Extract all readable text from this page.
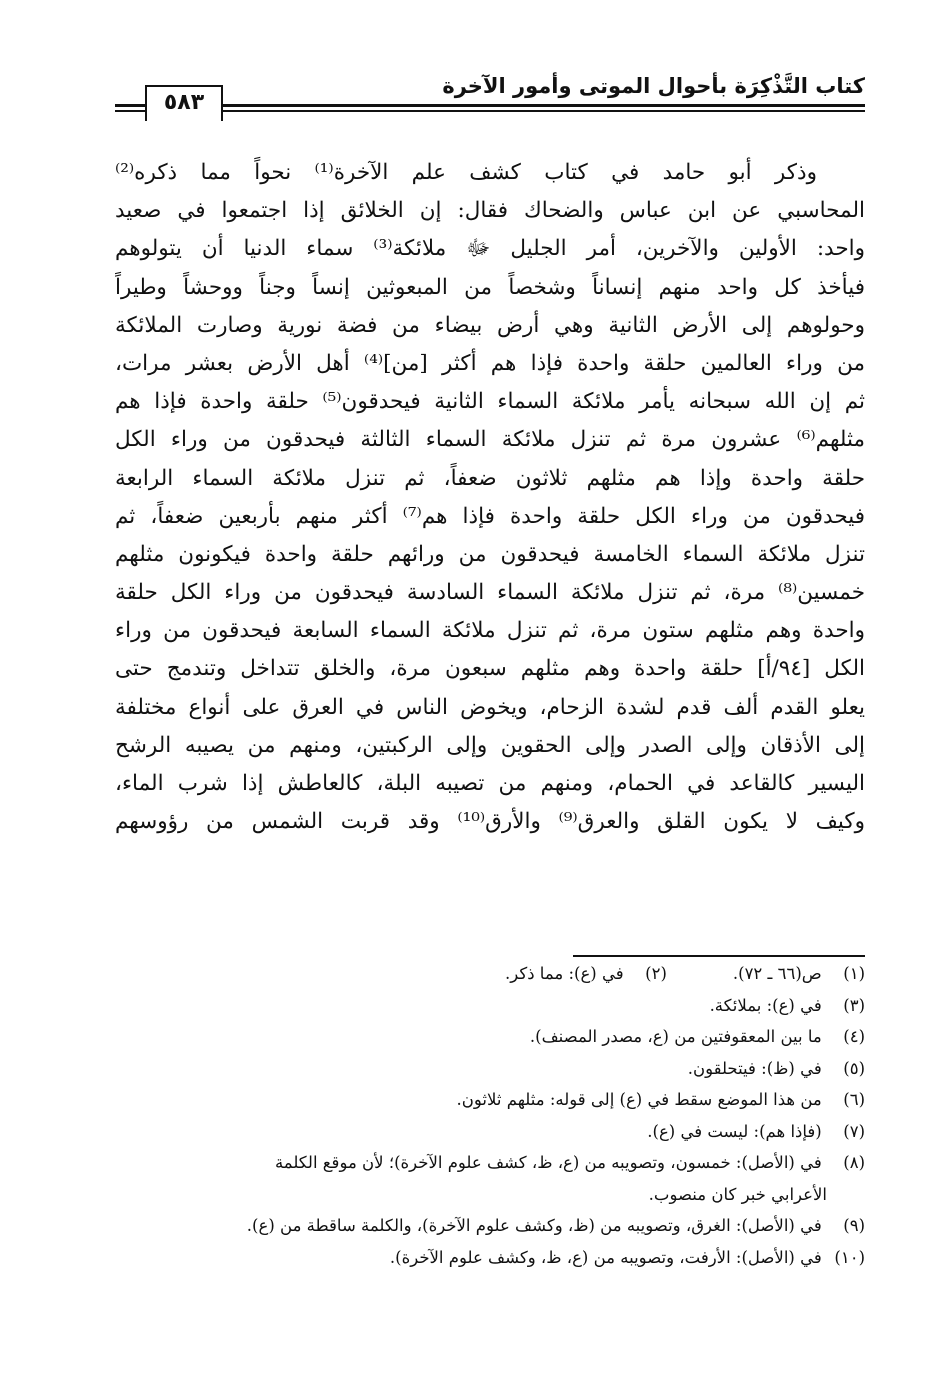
كتاب التَّذْكِرَة بأحوال الموتى وأمور الآخرة
٥٨٣
وذكر أبو حامد في كتاب كشف علم الآخرة⁽¹⁾ نحواً مما ذكره⁽²⁾
المحاسبي عن ابن عباس والضحاك فقال: إن الخلائق إذا اجتمعوا في صعيد
واحد: الأولين والآخرين، أمر الجليل ﷻ ملائكة⁽³⁾ سماء الدنيا أن يتولوهم
فيأخذ كل واحد منهم إنساناً وشخصاً من المبعوثين إنساً وجناً ووحشاً وطيراً
وحولوهم إلى الأرض الثانية وهي أرض بيضاء من فضة نورية وصارت الملائكة
من وراء العالمين حلقة واحدة فإذا هم أكثر [من]⁽⁴⁾ أهل الأرض بعشر مرات،
ثم إن الله سبحانه يأمر ملائكة السماء الثانية فيحدقون⁽⁵⁾ حلقة واحدة فإذا هم
مثلهم⁽⁶⁾ عشرون مرة ثم تنزل ملائكة السماء الثالثة فيحدقون من وراء الكل
حلقة واحدة وإذا هم مثلهم ثلاثون ضعفاً، ثم تنزل ملائكة السماء الرابعة
فيحدقون من وراء الكل حلقة واحدة فإذا هم⁽⁷⁾ أكثر منهم بأربعين ضعفاً، ثم
تنزل ملائكة السماء الخامسة فيحدقون من ورائهم حلقة واحدة فيكونون مثلهم
خمسين⁽⁸⁾ مرة، ثم تنزل ملائكة السماء السادسة فيحدقون من وراء الكل حلقة
واحدة وهم مثلهم ستون مرة، ثم تنزل ملائكة السماء السابعة فيحدقون من وراء
الكل [٩٤/أ] حلقة واحدة وهم مثلهم سبعون مرة، والخلق تتداخل وتندمج حتى
يعلو القدم ألف قدم لشدة الزحام، ويخوض الناس في العرق على أنواع مختلفة
إلى الأذقان وإلى الصدر وإلى الحقوين وإلى الركبتين، ومنهم من يصيبه الرشح
اليسير كالقاعد في الحمام، ومنهم من تصيبه البلة، كالعاطش إذا شرب الماء،
وكيف لا يكون القلق والعرق⁽⁹⁾ والأرق⁽¹⁰⁾ وقد قربت الشمس من رؤوسهم
(١) ص(٦٦ ـ ٧٢).
(٢) في (ع): مما ذكر.
(٣) في (ع): بملائكة.
(٤) ما بين المعقوفتين من (ع، مصدر المصنف).
(٥) في (ظ): فيتحلقون.
(٦) من هذا الموضع سقط في (ع) إلى قوله: مثلهم ثلاثون.
(٧) (فإذا هم): ليست في (ع).
(٨) في (الأصل): خمسون، وتصويبه من (ع، ظ، كشف علوم الآخرة)؛ لأن موقع الكلمة
الأعرابي خبر كان منصوب.
(٩) في (الأصل): الغرق، وتصويبه من (ظ، وكشف علوم الآخرة)، والكلمة ساقطة من (ع).
(١٠) في (الأصل): الأرفت، وتصويبه من (ع، ظ، وكشف علوم الآخرة).
